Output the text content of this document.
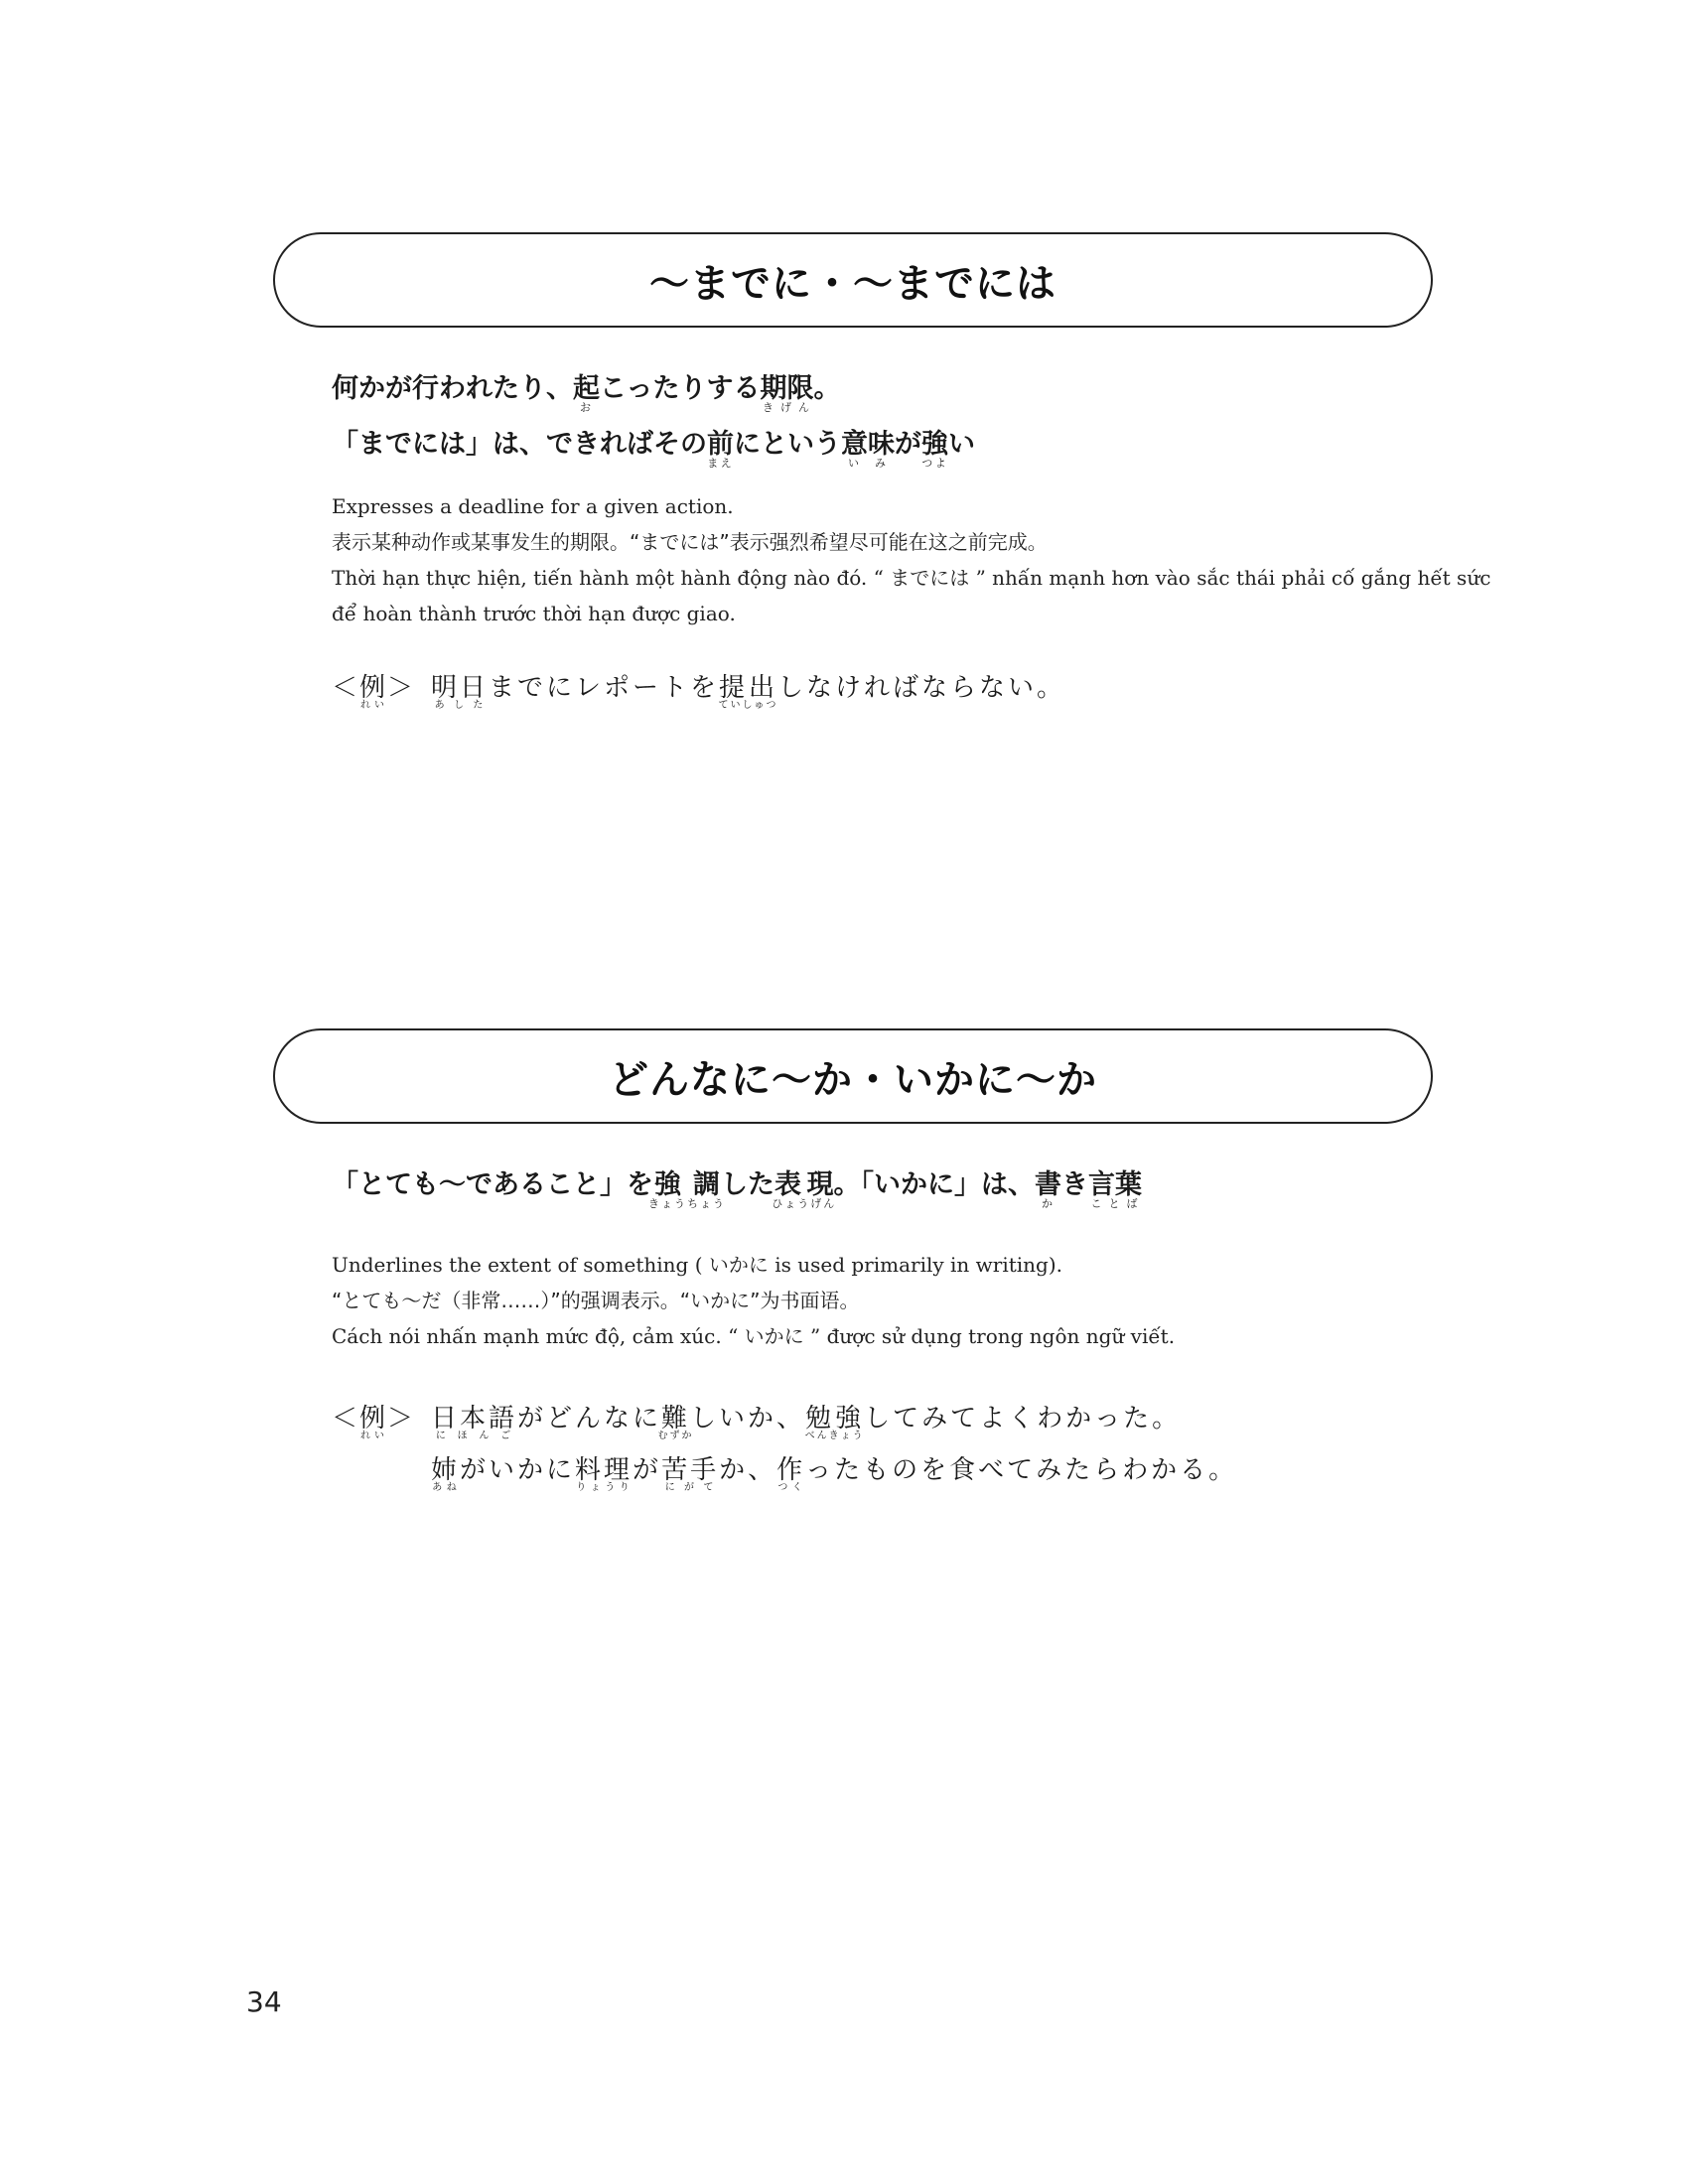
～までに・～までには
何かが行われたり、起おこったりする期限きげん。
「までには」は、できればその前まえにという意味いみが強つよい
Expresses a deadline for a given action.
表示某种动作或某事发生的期限。“までには”表示强烈希望尽可能在这之前完成。
Thời hạn thực hiện, tiến hành một hành động nào đó. “ までには ” nhấn mạnh hơn vào sắc thái phải cố gắng hết sức
để hoàn thành trước thời hạn được giao.
＜例れい＞ 明日あしたまでにレポートを提出ていしゅつしなければならない。
どんなに～か・いかに～か
「とても～であること」を強調きょうちょうした表現ひょうげん。「いかに」は、書かき言葉ことば
Underlines the extent of something ( いかに is used primarily in writing).
“とても～だ（非常……）”的强调表示。“いかに”为书面语。
Cách nói nhấn mạnh mức độ, cảm xúc. “ いかに ” được sử dụng trong ngôn ngữ viết.
＜例れい＞ 日本語にほんごがどんなに難むずかしいか、勉強べんきょうしてみてよくわかった。
姉あねがいかに料理りょうりが苦手にがてか、作つくったものを食べてみたらわかる。
34
